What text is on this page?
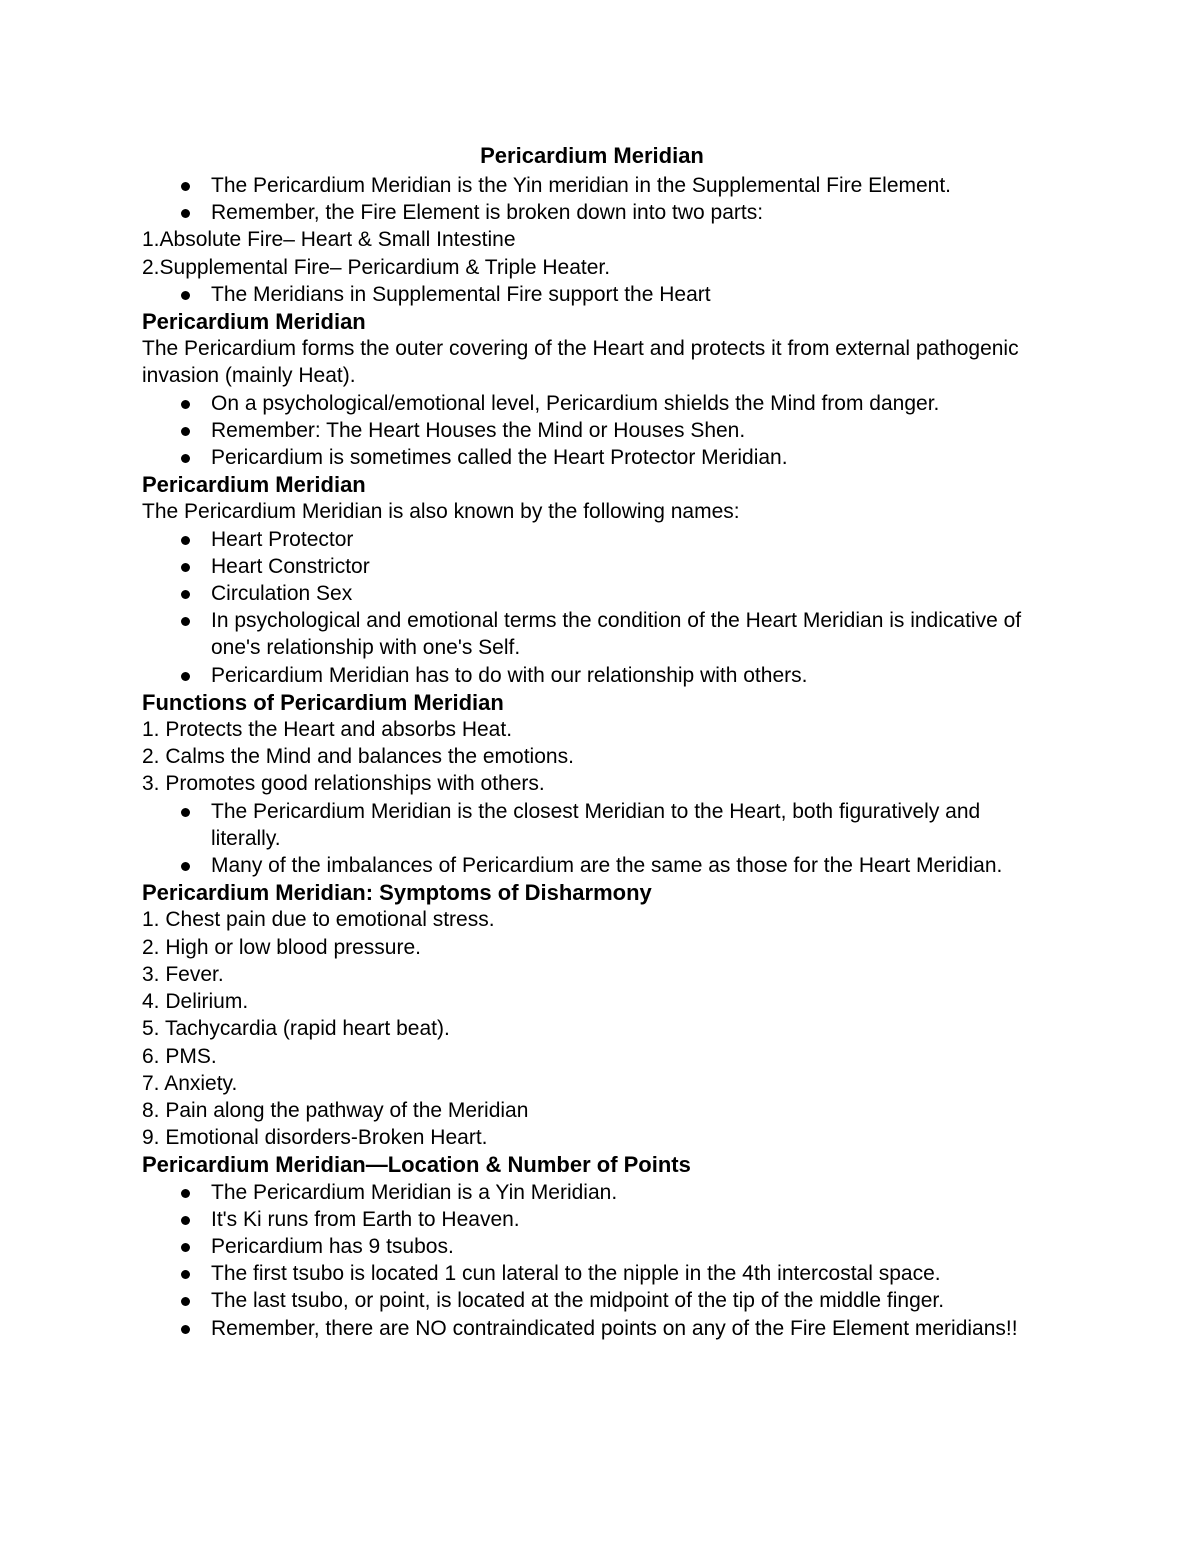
Pericardium Meridian
The Pericardium Meridian is the Yin meridian in the Supplemental Fire Element.
Remember, the Fire Element is broken down into two parts:

1.Absolute Fire– Heart & Small Intestine

2.Supplemental Fire– Pericardium & Triple Heater.

The Meridians in Supplemental Fire support the Heart
Pericardium Meridian

The Pericardium forms the outer covering of the Heart and protects it from external pathogenic invasion (mainly Heat).

On a psychological/emotional level, Pericardium shields the Mind from danger.
Remember: The Heart Houses the Mind or Houses Shen.
Pericardium is sometimes called the Heart Protector Meridian.
Pericardium Meridian

The Pericardium Meridian is also known by the following names:

Heart Protector
Heart Constrictor
Circulation Sex
In psychological and emotional terms the condition of the Heart Meridian is indicative of one's relationship with one's Self.
Pericardium Meridian has to do with our relationship with others.
Functions of Pericardium Meridian

1. Protects the Heart and absorbs Heat.

2. Calms the Mind and balances the emotions.

3. Promotes good relationships with others.

The Pericardium Meridian is the closest Meridian to the Heart, both figuratively and literally.
Many of the imbalances of Pericardium are the same as those for the Heart Meridian.
Pericardium Meridian: Symptoms of Disharmony

1. Chest pain due to emotional stress.

2. High or low blood pressure.

3. Fever.

4. Delirium.

5. Tachycardia (rapid heart beat).

6. PMS.

7. Anxiety.

8. Pain along the pathway of the Meridian

9. Emotional disorders-Broken Heart.

Pericardium Meridian—Location & Number of Points
The Pericardium Meridian is a Yin Meridian.
It's Ki runs from Earth to Heaven.
Pericardium has 9 tsubos.
The first tsubo is located 1 cun lateral to the nipple in the 4th intercostal space.
The last tsubo, or point, is located at the midpoint of the tip of the middle finger.
Remember, there are NO contraindicated points on any of the Fire Element meridians!!
